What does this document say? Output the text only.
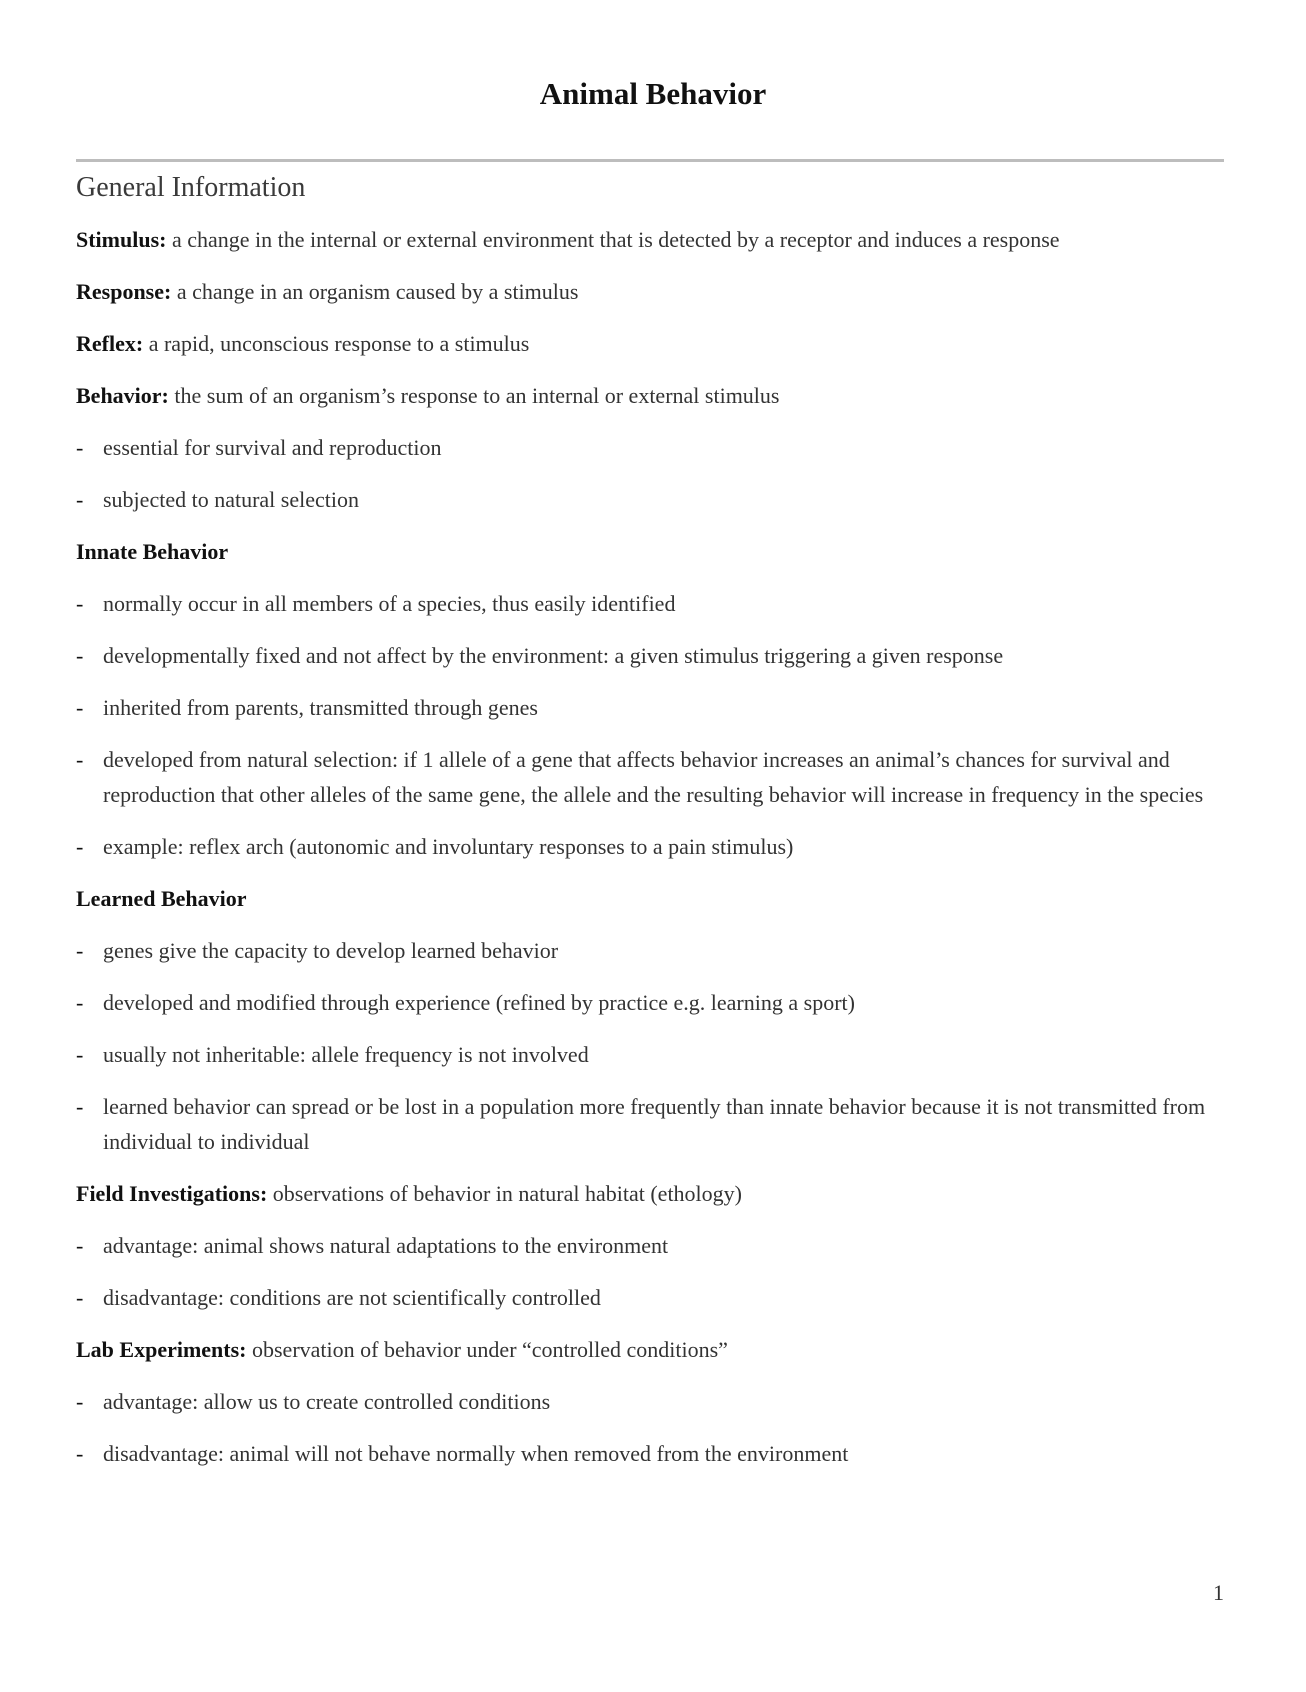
Animal Behavior
General Information

Stimulus: a change in the internal or external environment that is detected by a receptor and induces a response

Response: a change in an organism caused by a stimulus

Reflex: a rapid, unconscious response to a stimulus

Behavior: the sum of an organism’s response to an internal or external stimulus

- essential for survival and reproduction
- subjected to natural selection

Innate Behavior

- normally occur in all members of a species, thus easily identified
- developmentally fixed and not affect by the environment: a given stimulus triggering a given response
- inherited from parents, transmitted through genes
- developed from natural selection: if 1 allele of a gene that affects behavior increases an animal’s chances for survival and reproduction that other alleles of the same gene, the allele and the resulting behavior will increase in frequency in the species
- example: reflex arch (autonomic and involuntary responses to a pain stimulus)

Learned Behavior

- genes give the capacity to develop learned behavior
- developed and modified through experience (refined by practice e.g. learning a sport)
- usually not inheritable: allele frequency is not involved
- learned behavior can spread or be lost in a population more frequently than innate behavior because it is not transmitted from individual to individual

Field Investigations: observations of behavior in natural habitat (ethology)

- advantage: animal shows natural adaptations to the environment
- disadvantage: conditions are not scientifically controlled

Lab Experiments: observation of behavior under “controlled conditions”

- advantage: allow us to create controlled conditions
- disadvantage: animal will not behave normally when removed from the environment
1
